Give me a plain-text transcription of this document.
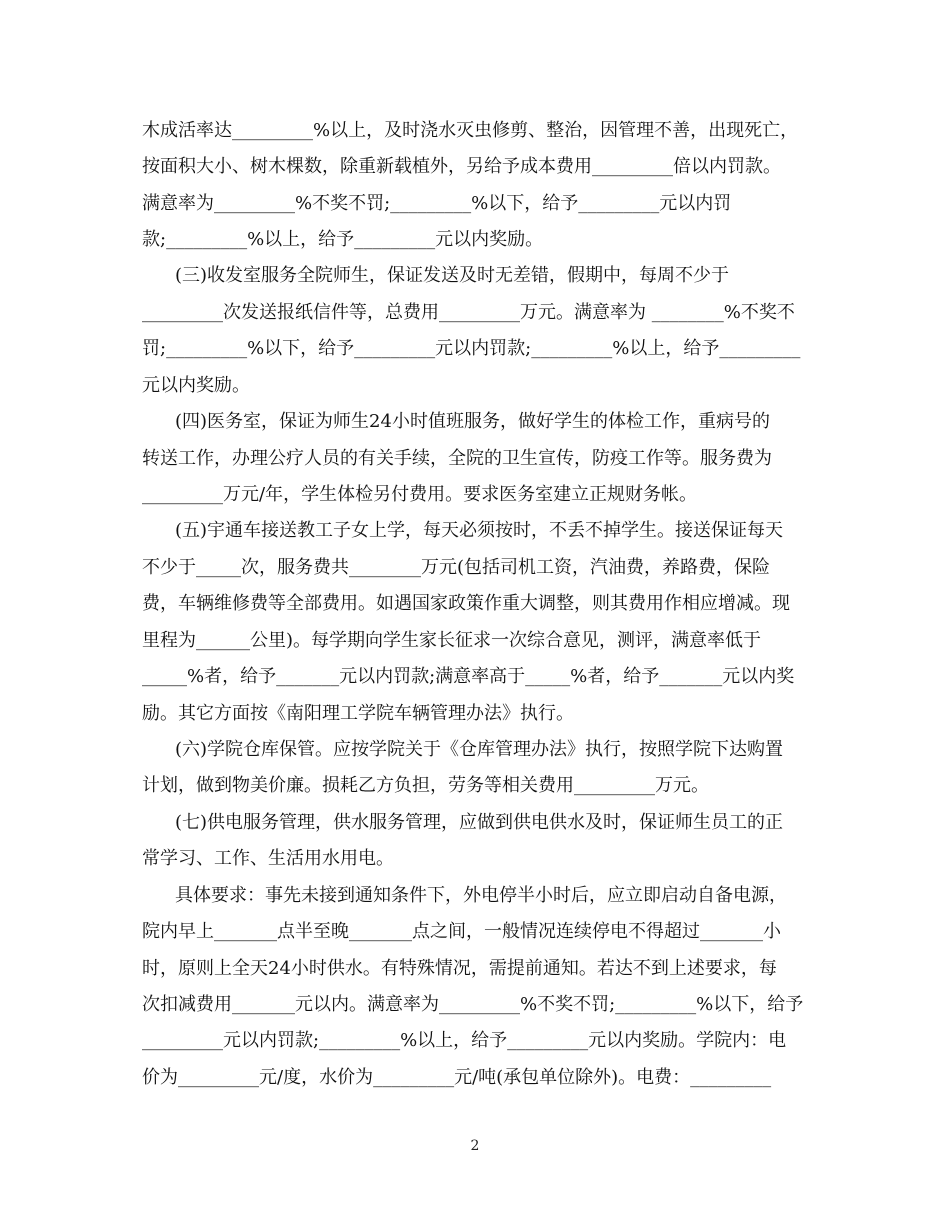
木成活率达_________%以上，及时浇水灭虫修剪、整治，因管理不善，出现死亡，
按面积大小、树木棵数，除重新载植外，另给予成本费用_________倍以内罚款。
满意率为_________%不奖不罚;_________%以下，给予_________元以内罚
款;_________%以上，给予_________元以内奖励。
(三)收发室服务全院师生，保证发送及时无差错，假期中，每周不少于
_________次发送报纸信件等，总费用_________万元。满意率为 ________%不奖不
罚;_________%以下，给予_________元以内罚款;_________%以上，给予_________
元以内奖励。
(四)医务室，保证为师生24小时值班服务，做好学生的体检工作，重病号的
转送工作，办理公疗人员的有关手续，全院的卫生宣传，防疫工作等。服务费为
_________万元/年，学生体检另付费用。要求医务室建立正规财务帐。
(五)宇通车接送教工子女上学，每天必须按时，不丢不掉学生。接送保证每天
不少于_____次，服务费共________万元(包括司机工资，汽油费，养路费，保险
费，车辆维修费等全部费用。如遇国家政策作重大调整，则其费用作相应增减。现
里程为______公里)。每学期向学生家长征求一次综合意见，测评，满意率低于
_____%者，给予_______元以内罚款;满意率高于_____%者，给予_______元以内奖
励。其它方面按《南阳理工学院车辆管理办法》执行。
(六)学院仓库保管。应按学院关于《仓库管理办法》执行，按照学院下达购置
计划，做到物美价廉。损耗乙方负担，劳务等相关费用_________万元。
(七)供电服务管理，供水服务管理，应做到供电供水及时，保证师生员工的正
常学习、工作、生活用水用电。
具体要求：事先未接到通知条件下，外电停半小时后，应立即启动自备电源，
院内早上_______点半至晚_______点之间，一般情况连续停电不得超过_______小
时，原则上全天24小时供水。有特殊情况，需提前通知。若达不到上述要求，每
次扣减费用_______元以内。满意率为_________%不奖不罚;_________%以下，给予
_________元以内罚款;_________%以上，给予_________元以内奖励。学院内：电
价为_________元/度，水价为_________元/吨(承包单位除外)。电费：_________
2
